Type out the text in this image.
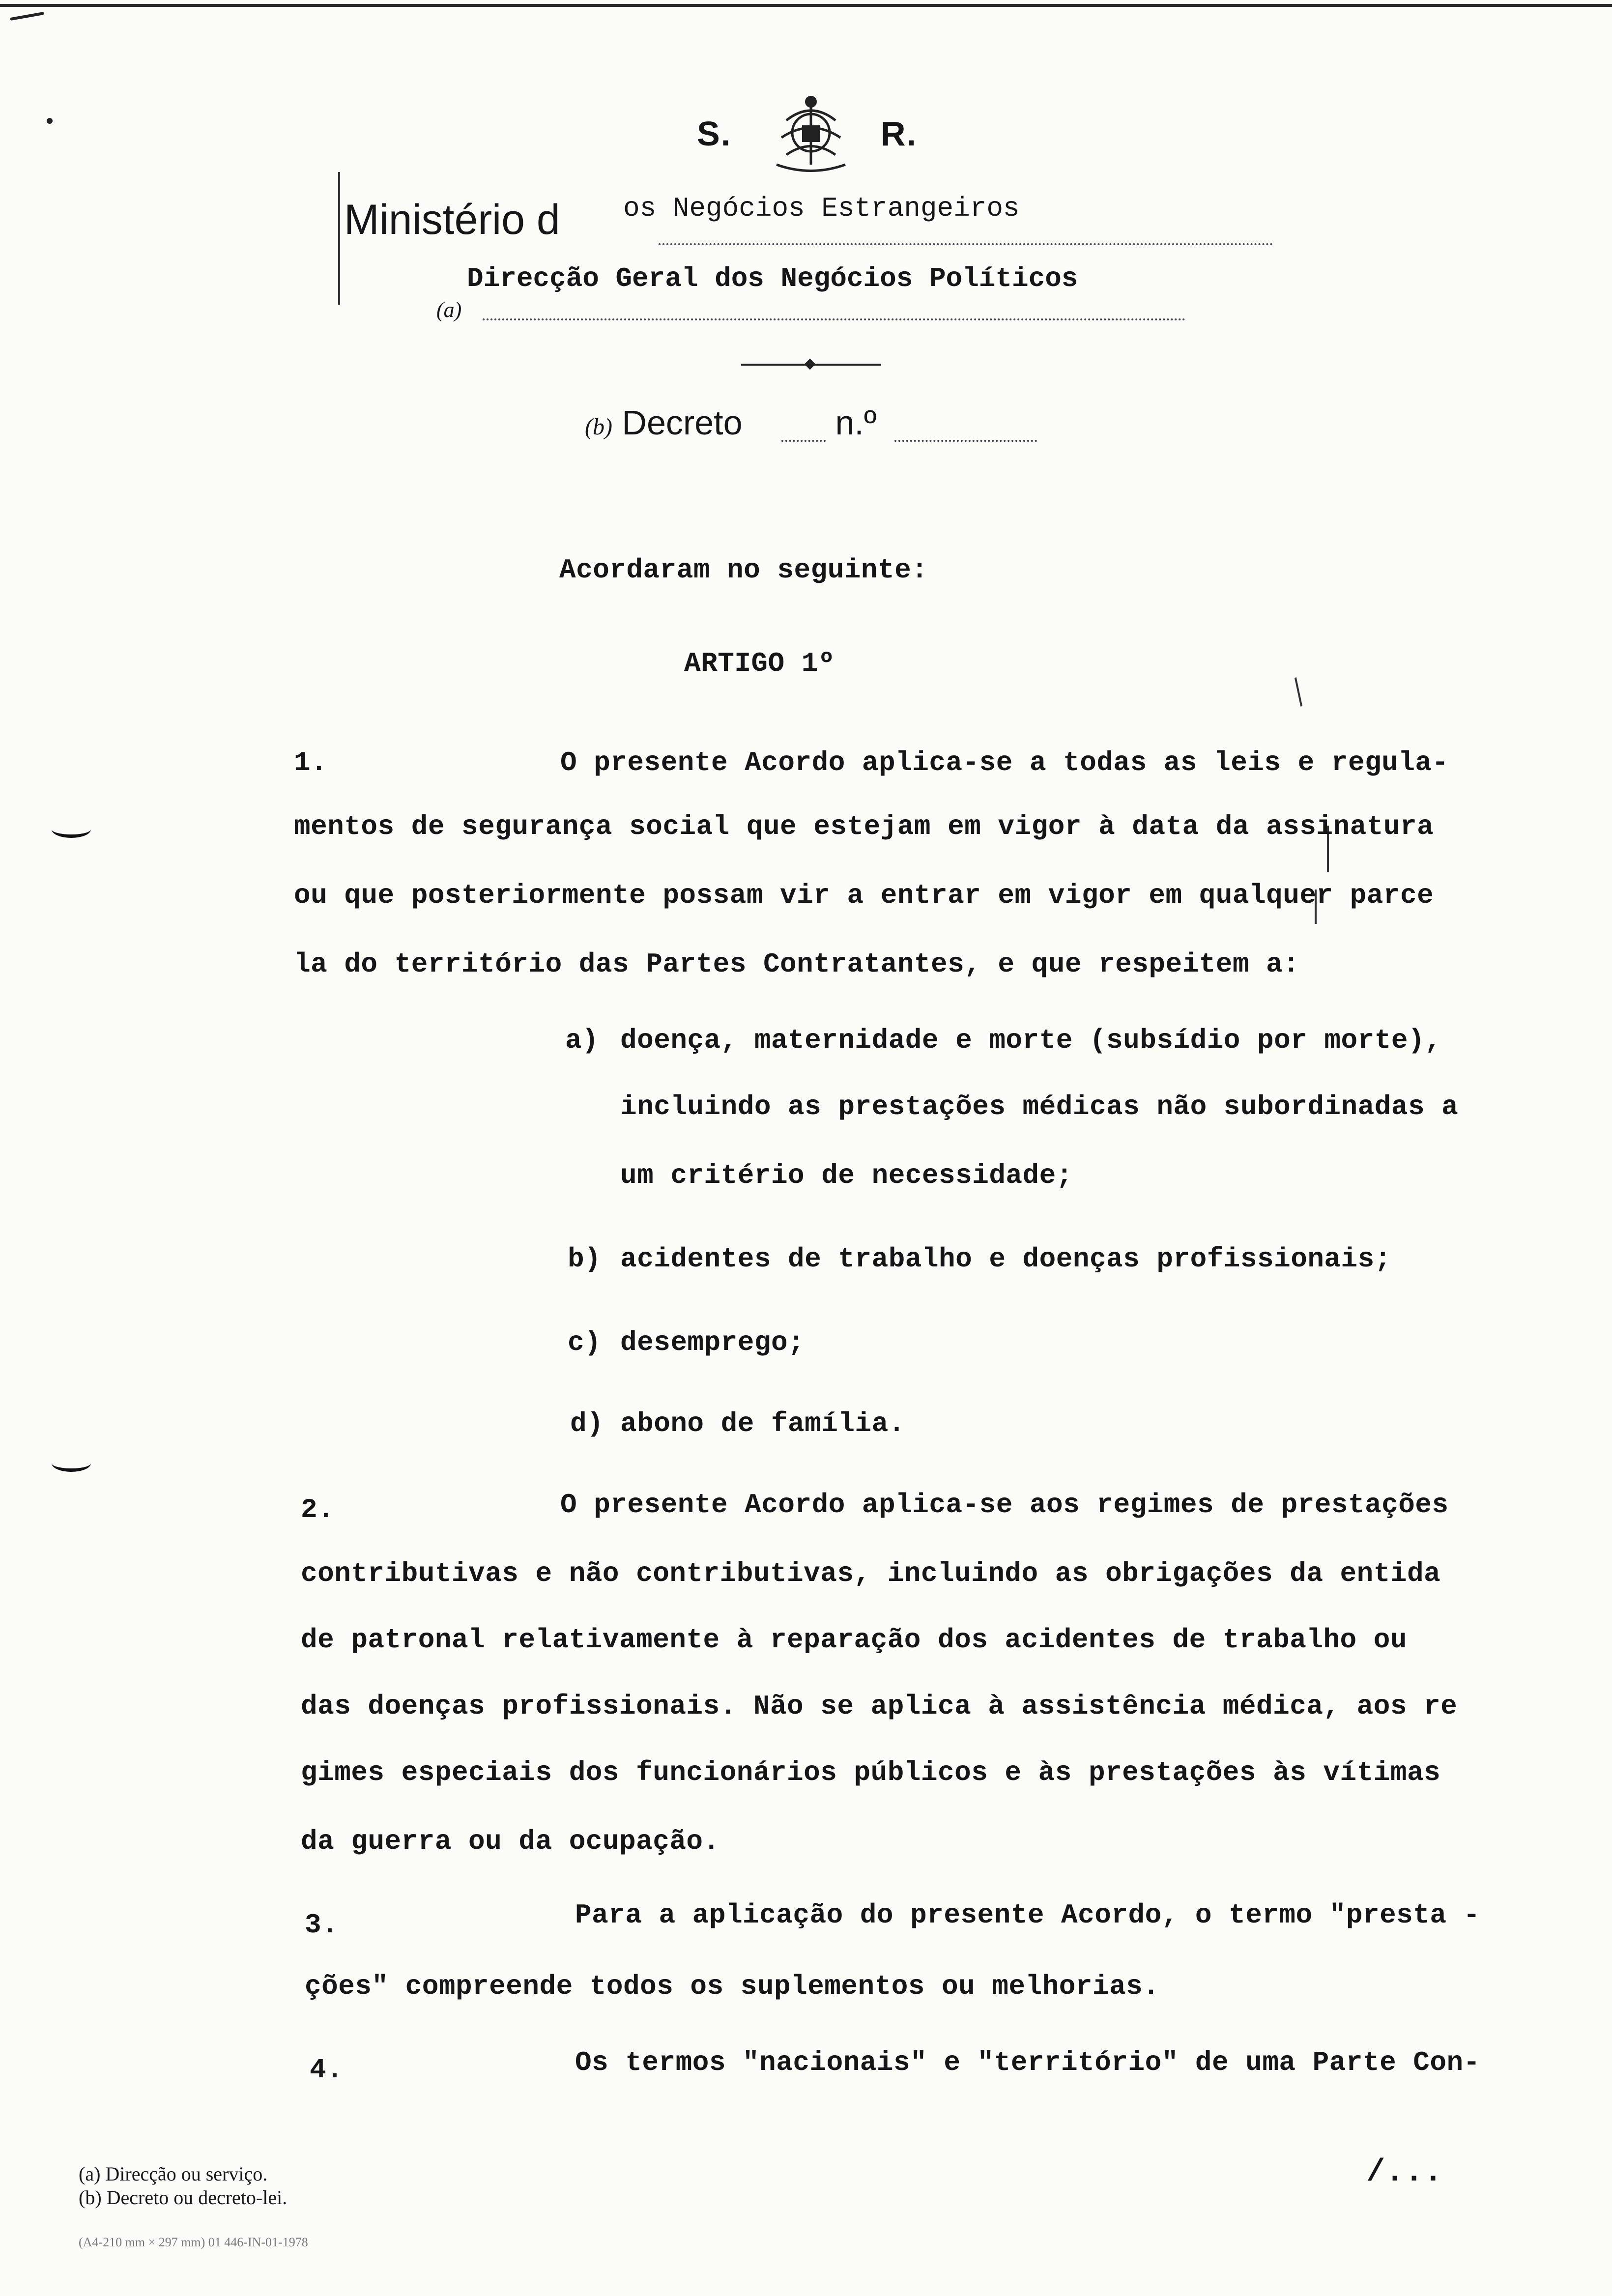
S.	R.
Ministério d os Negócios Estrangeiros
(a)
Direcção Geral dos Negócios Políticos
(b) Decreto	n.º
Acordaram no seguinte:
ARTIGO 1º
1.	O presente Acordo aplica-se a todas as leis e regula-
mentos de segurança social que estejam em vigor à data da assinatura
ou que posteriormente possam vir a entrar em vigor em qualquer parce
la do território das Partes Contratantes, e que respeitem a:
a) doença, maternidade e morte (subsídio por morte),
incluindo as prestações médicas não subordinadas a
um critério de necessidade;
b) acidentes de trabalho e doenças profissionais;
c) desemprego;
d) abono de família.
2.	O presente Acordo aplica-se aos regimes de prestações
contributivas e não contributivas, incluindo as obrigações da entida
de patronal relativamente à reparação dos acidentes de trabalho ou
das doenças profissionais. Não se aplica à assistência médica, aos re
gimes especiais dos funcionários públicos e às prestações às vítimas
da guerra ou da ocupação.
3.	Para a aplicação do presente Acordo, o termo "presta -
ções" compreende todos os suplementos ou melhorias.
4.	Os termos "nacionais" e "território" de uma Parte Con-
/...
(a) Direcção ou serviço.
(b) Decreto ou decreto-lei.
(A4-210 mm × 297 mm) 01 446-IN-01-1978
